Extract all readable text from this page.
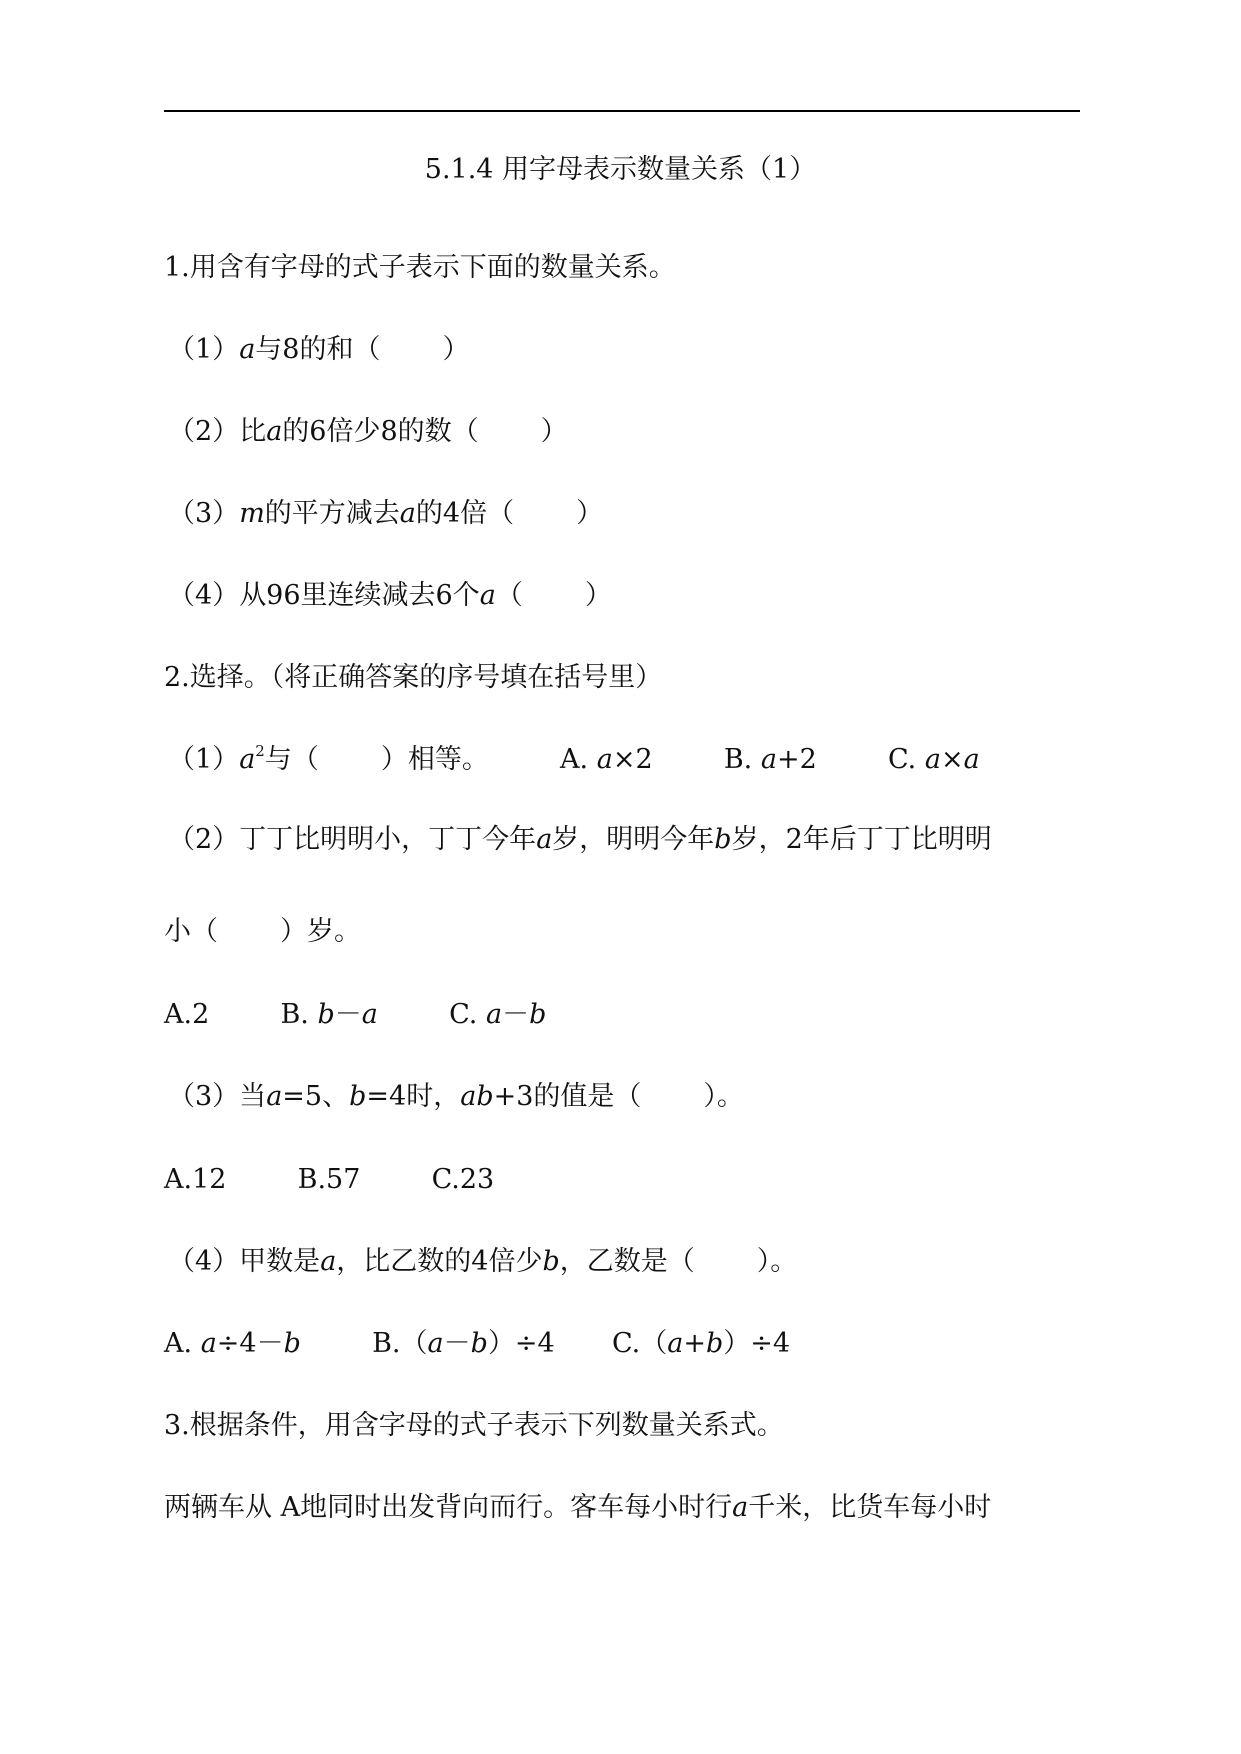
5.1.4 用字母表示数量关系（1）
1.用含有字母的式子表示下面的数量关系。
（1）a与8的和（ ）
（2）比a的6倍少8的数（ ）
（3）m的平方减去a的4倍（ ）
（4）从96里连续减去6个a（ ）
2.选择。（将正确答案的序号填在括号里）
$(1)a^2$与（ ）相等。	A. a×2	B. a+2	C. a×a
（2）丁丁比明明小，丁丁今年a岁，明明今年b岁，2年后丁丁比明明
小（ ）岁。
A.2	B. b－a	C. a－b
（3）当a=5、b=4时，ab+3的值是（ ）。
A.12	B.57	C.23
（4）甲数是a，比乙数的4倍少b，乙数是（ ）。
A. a÷4－b	B.（a－b）÷4 C.（a+b）÷4
3.根据条件，用含字母的式子表示下列数量关系式。
两辆车从 A地同时出发背向而行。客车每小时行a千米，比货车每小时
